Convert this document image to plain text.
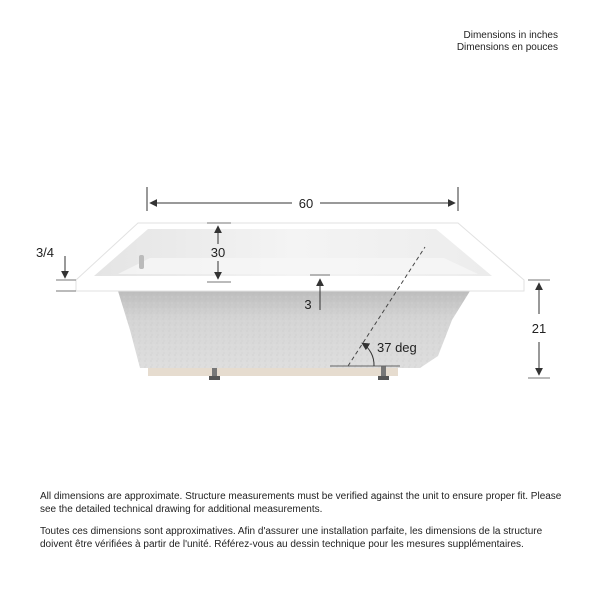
Dimensions in inches
Dimensions en pouces
60
30
3/4
3
21
37 deg

All dimensions are approximate. Structure measurements must be verified against the unit to ensure proper fit. Please see the detailed technical drawing for additional measurements.

Toutes ces dimensions sont approximatives. Afin d'assurer une installation parfaite, les dimensions de la structure doivent être vérifiées à partir de l'unité. Référez-vous au dessin technique pour les mesures supplémentaires.
